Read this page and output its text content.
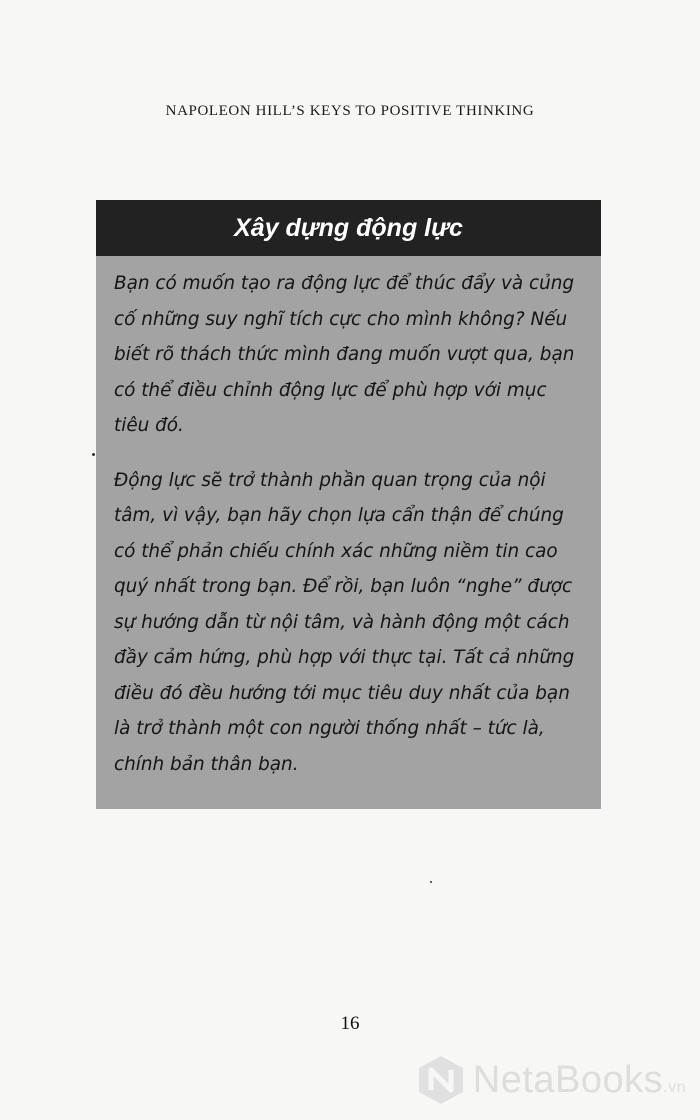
NAPOLEON HILL’S KEYS TO POSITIVE THINKING
Xây dựng động lực

Bạn có muốn tạo ra động lực để thúc đẩy và củng cố những suy nghĩ tích cực cho mình không? Nếu biết rõ thách thức mình đang muốn vượt qua, bạn có thể điều chỉnh động lực để phù hợp với mục tiêu đó.

Động lực sẽ trở thành phần quan trọng của nội tâm, vì vậy, bạn hãy chọn lựa cẩn thận để chúng có thể phản chiếu chính xác những niềm tin cao quý nhất trong bạn. Để rồi, bạn luôn “nghe” được sự hướng dẫn từ nội tâm, và hành động một cách đầy cảm hứng, phù hợp với thực tại. Tất cả những điều đó đều hướng tới mục tiêu duy nhất của bạn là trở thành một con người thống nhất – tức là, chính bản thân bạn.

16
NetaBooks.vn
